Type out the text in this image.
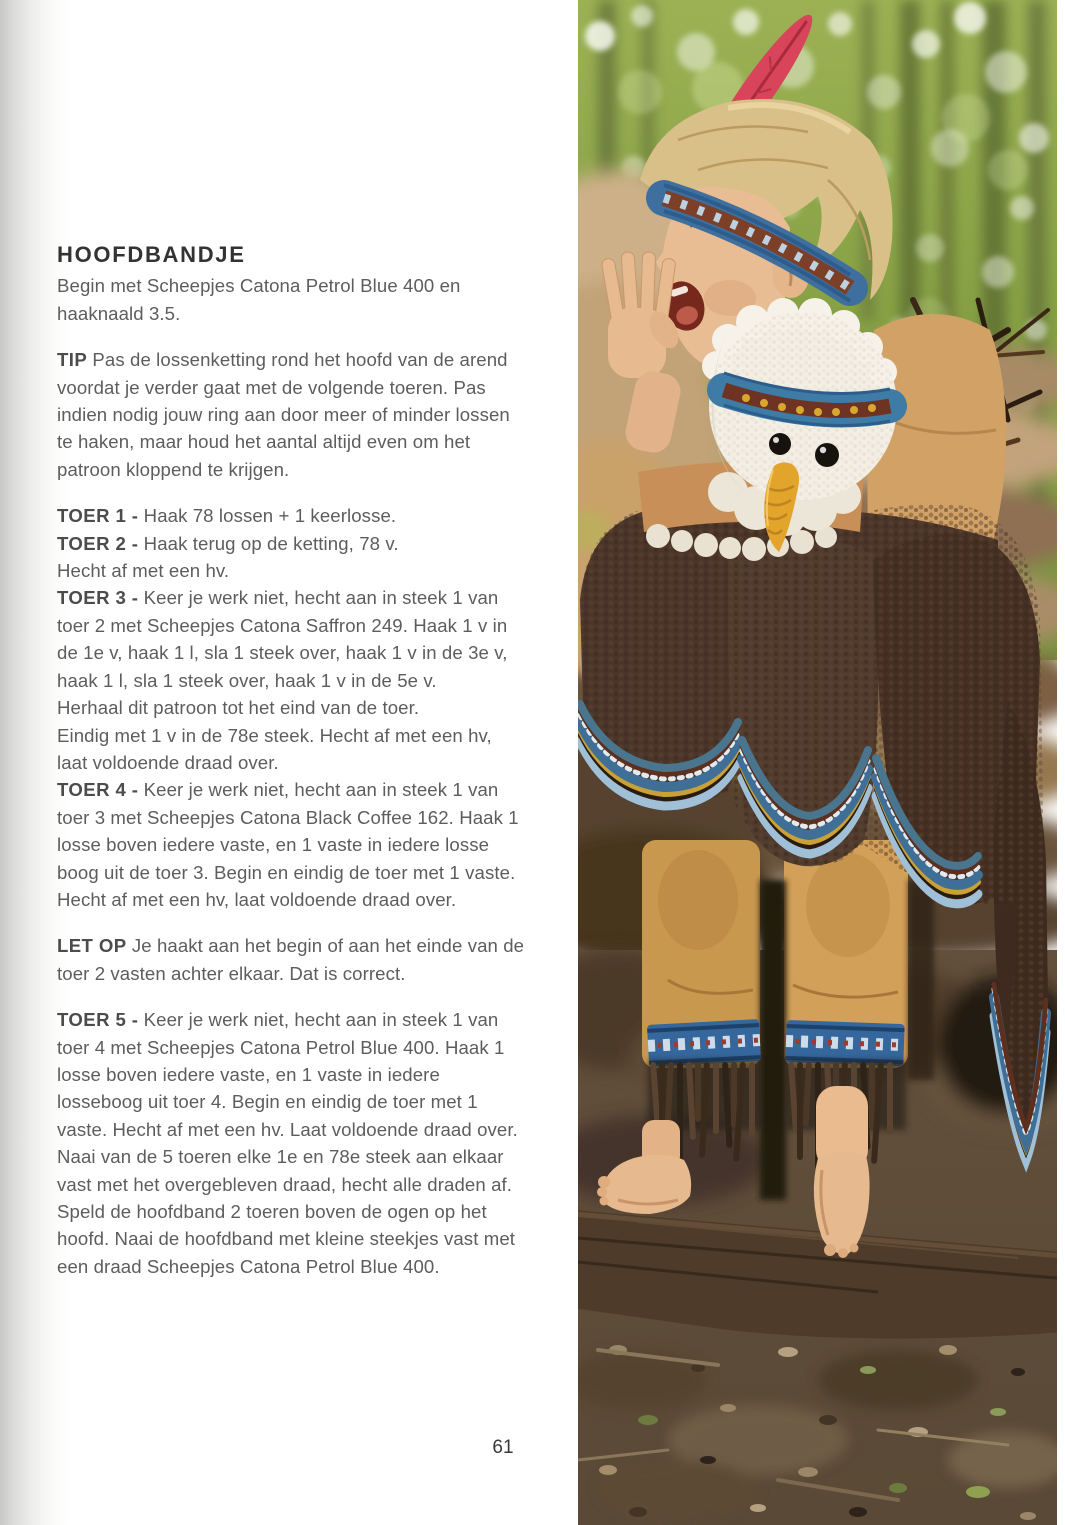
HOOFDBANDJE

Begin met Scheepjes Catona Petrol Blue 400 en haaknaald 3.5.

TIP Pas de lossenketting rond het hoofd van de arend voordat je verder gaat met de volgende toeren. Pas indien nodig jouw ring aan door meer of minder lossen te haken, maar houd het aantal altijd even om het patroon kloppend te krijgen.

TOER 1 - Haak 78 lossen + 1 keerlosse.

TOER 2 - Haak terug op de ketting, 78 v.

Hecht af met een hv.

TOER 3 - Keer je werk niet, hecht aan in steek 1 van toer 2 met Scheepjes Catona Saffron 249. Haak 1 v in de 1e v, haak 1 l, sla 1 steek over, haak 1 v in de 3e v, haak 1 l, sla 1 steek over, haak 1 v in de 5e v.

Herhaal dit patroon tot het eind van de toer.

Eindig met 1 v in de 78e steek. Hecht af met een hv, laat voldoende draad over.

TOER 4 - Keer je werk niet, hecht aan in steek 1 van toer 3 met Scheepjes Catona Black Coffee 162. Haak 1 losse boven iedere vaste, en 1 vaste in iedere losse boog uit de toer 3. Begin en eindig de toer met 1 vaste. Hecht af met een hv, laat voldoende draad over.

LET OP Je haakt aan het begin of aan het einde van de toer 2 vasten achter elkaar. Dat is correct.

TOER 5 - Keer je werk niet, hecht aan in steek 1 van toer 4 met Scheepjes Catona Petrol Blue 400. Haak 1 losse boven iedere vaste, en 1 vaste in iedere losseboog uit toer 4. Begin en eindig de toer met 1 vaste. Hecht af met een hv. Laat voldoende draad over. Naai van de 5 toeren elke 1e en 78e steek aan elkaar vast met het overgebleven draad, hecht alle draden af.

Speld de hoofdband 2 toeren boven de ogen op het hoofd. Naai de hoofdband met kleine steekjes vast met een draad Scheepjes Catona Petrol Blue 400.

61
